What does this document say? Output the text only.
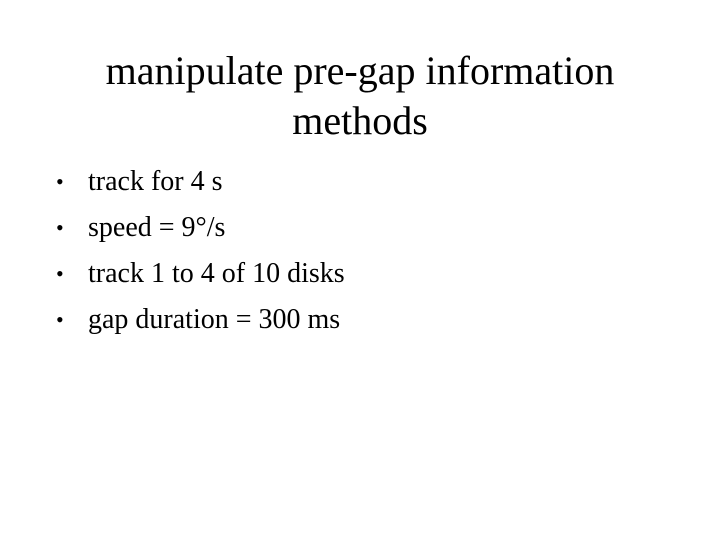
manipulate pre-gap information
methods
• track for 4 s
• speed = 9°/s
• track 1 to 4 of 10 disks
• gap duration = 300 ms
